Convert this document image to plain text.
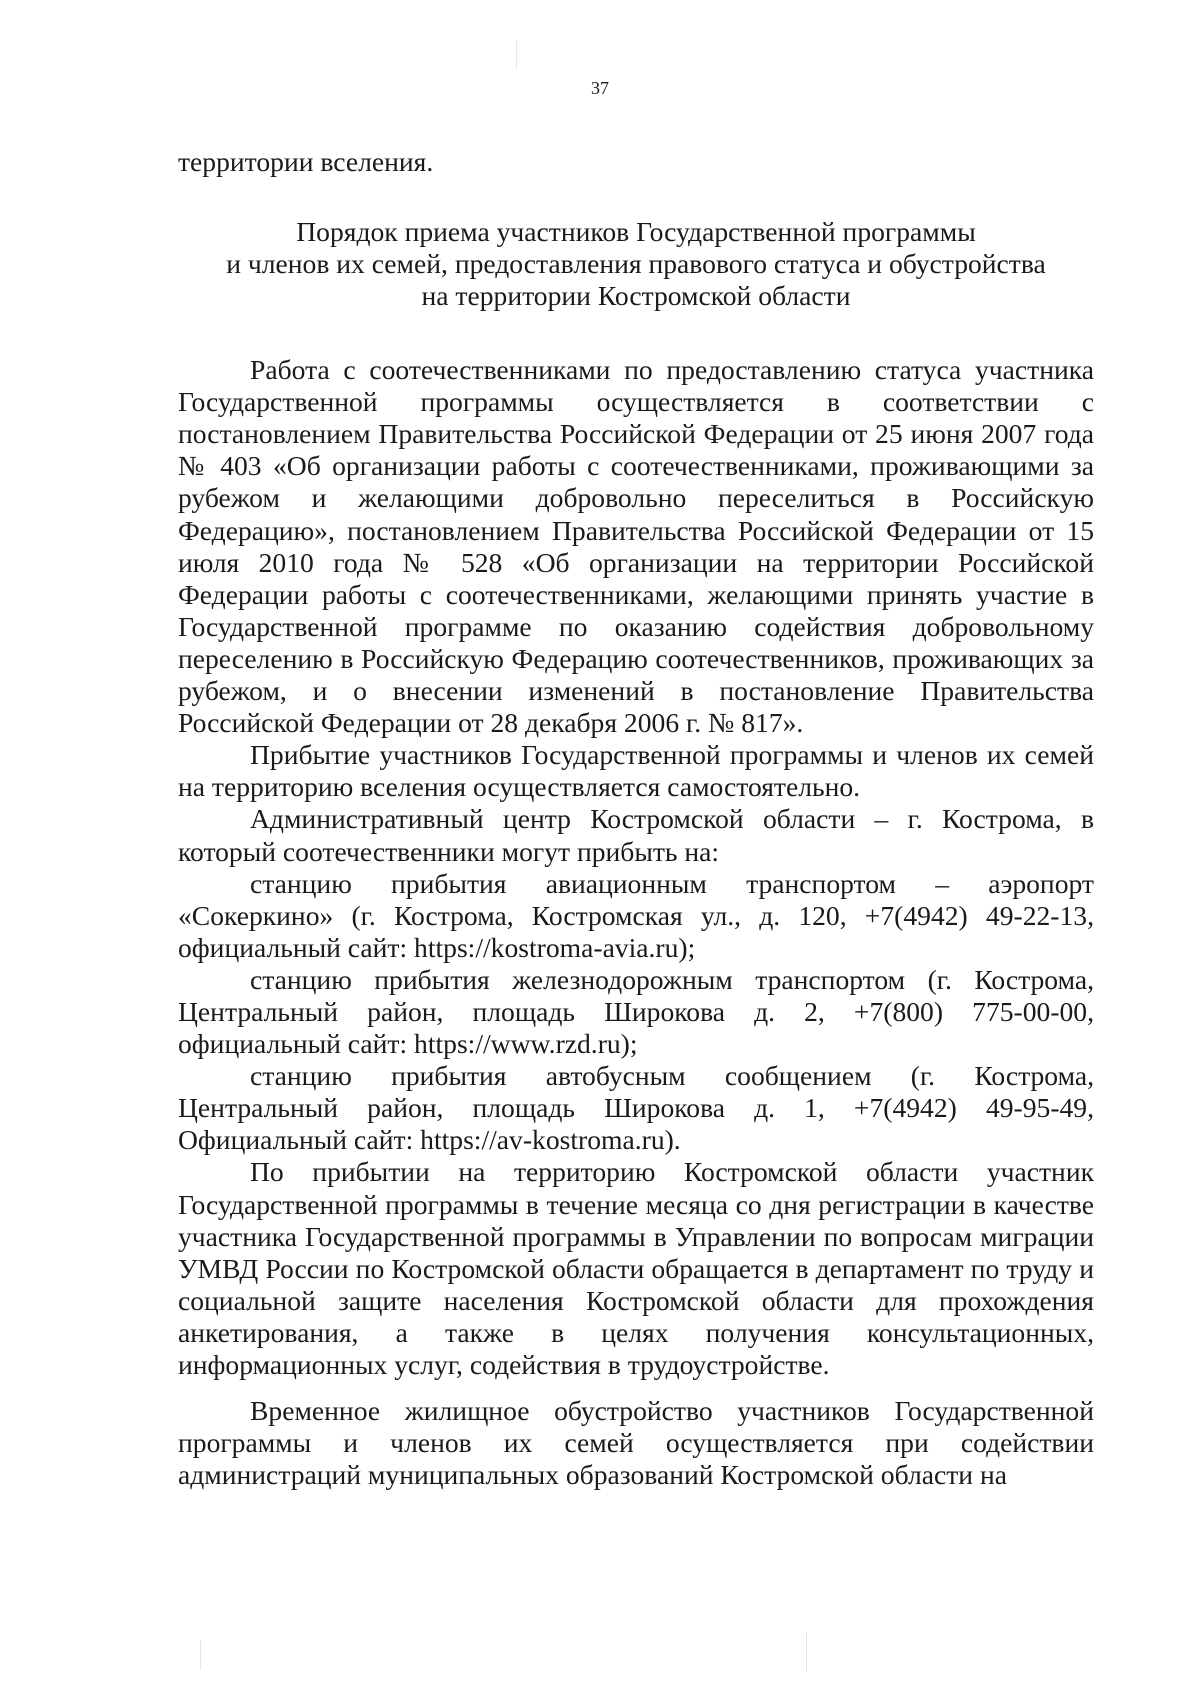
37

территории вселения.

Порядок приема участников Государственной программы
и членов их семей, предоставления правового статуса и обустройства
на территории Костромской области

Работа с соотечественниками по предоставлению статуса участника Государственной программы осуществляется в соответствии с постановлением Правительства Российской Федерации от 25 июня 2007 года № 403 «Об организации работы с соотечественниками, проживающими за рубежом и желающими добровольно переселиться в Российскую Федерацию», постановлением Правительства Российской Федерации от 15 июля 2010 года № 528 «Об организации на территории Российской Федерации работы с соотечественниками, желающими принять участие в Государственной программе по оказанию содействия добровольному переселению в Российскую Федерацию соотечественников, проживающих за рубежом, и о внесении изменений в постановление Правительства Российской Федерации от 28 декабря 2006 г. № 817».

Прибытие участников Государственной программы и членов их семей на территорию вселения осуществляется самостоятельно.

Административный центр Костромской области – г. Кострома, в который соотечественники могут прибыть на:

станцию прибытия авиационным транспортом – аэропорт «Сокеркино» (г. Кострома, Костромская ул., д. 120, +7(4942) 49-22-13, официальный сайт: https://kostroma-avia.ru);

станцию прибытия железнодорожным транспортом (г. Кострома, Центральный район, площадь Широкова д. 2, +7(800) 775-00-00, официальный сайт: https://www.rzd.ru);

станцию прибытия автобусным сообщением (г. Кострома, Центральный район, площадь Широкова д. 1, +7(4942) 49-95-49, Официальный сайт: https://av-kostroma.ru).

По прибытии на территорию Костромской области участник Государственной программы в течение месяца со дня регистрации в качестве участника Государственной программы в Управлении по вопросам миграции УМВД России по Костромской области обращается в департамент по труду и социальной защите населения Костромской области для прохождения анкетирования, а также в целях получения консультационных, информационных услуг, содействия в трудоустройстве.

Временное жилищное обустройство участников Государственной программы и членов их семей осуществляется при содействии администраций муниципальных образований Костромской области на
